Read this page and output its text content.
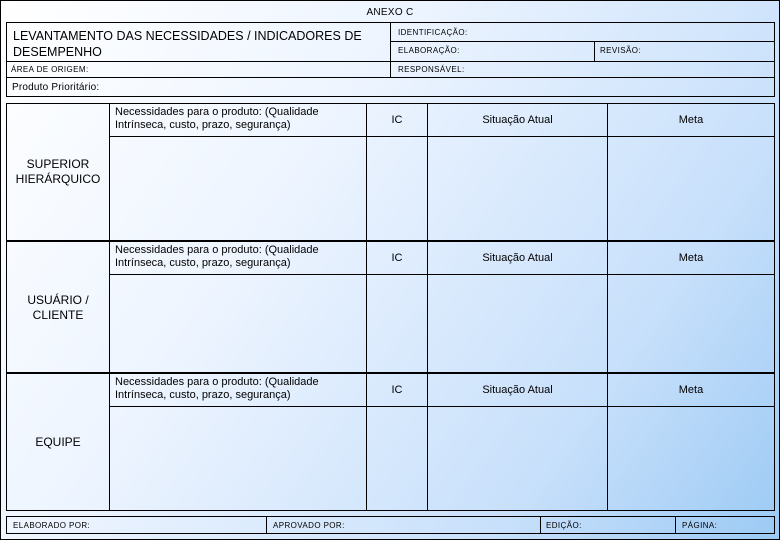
ANEXO C
LEVANTAMENTO DAS NECESSIDADES / INDICADORES DE DESEMPENHO
IDENTIFICAÇÃO:
ELABORAÇÃO:	REVISÃO:
ÁREA DE ORIGEM:	RESPONSÁVEL:
Produto Prioritário:
SUPERIOR HIERÁRQUICO
Necessidades para o produto: (Qualidade Intrínseca, custo, prazo, segurança)	IC	Situação Atual	Meta
USUÁRIO / CLIENTE
Necessidades para o produto: (Qualidade Intrínseca, custo, prazo, segurança)	IC	Situação Atual	Meta
EQUIPE
Necessidades para o produto: (Qualidade Intrínseca, custo, prazo, segurança)	IC	Situação Atual	Meta
ELABORADO POR:	APROVADO POR:	EDIÇÃO:	PÁGINA:
